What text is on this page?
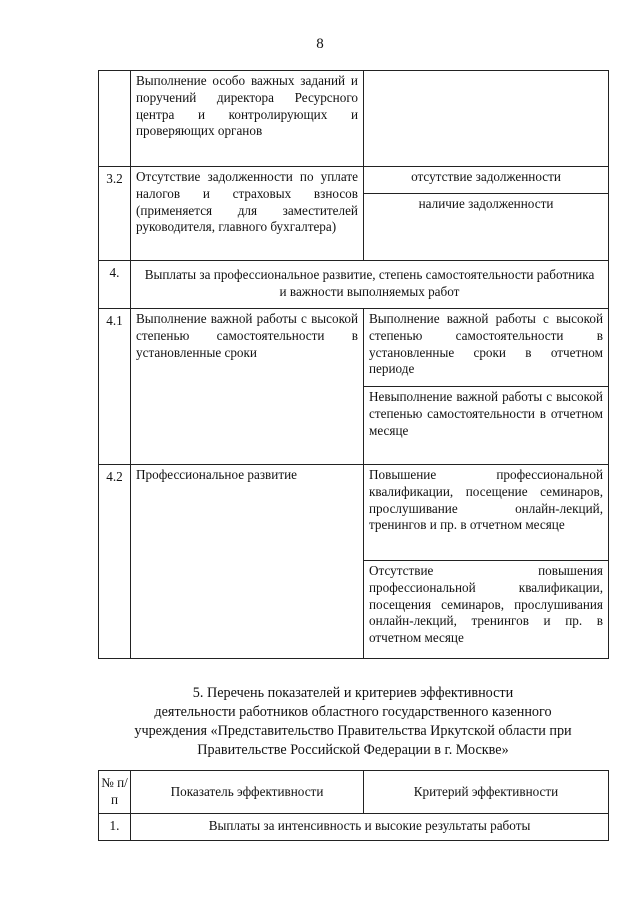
8
	Выполнение особо важных заданий и поручений директора Ресурсного центра и контролирующих и проверяющих органов	
3.2	Отсутствие задолженности по уплате налогов и страховых взносов (применяется для заместителей руководителя, главного бухгалтера)	отсутствие задолженности
		наличие задолженности
4.	Выплаты за профессиональное развитие, степень самостоятельности работника и важности выполняемых работ	
4.1	Выполнение важной работы с высокой степенью самостоятельности в установленные сроки	Выполнение важной работы с высокой степенью самостоятельности в установленные сроки в отчетном периоде
		Невыполнение важной работы с высокой степенью самостоятельности в отчетном месяце
4.2	Профессиональное развитие	Повышение профессиональной квалификации, посещение семинаров, прослушивание онлайн-лекций, тренингов и пр. в отчетном месяце
		Отсутствие повышения профессиональной квалификации, посещения семинаров, прослушивания онлайн-лекций, тренингов и пр. в отчетном месяце

5. Перечень показателей и критериев эффективности

деятельности работников областного государственного казенного

учреждения «Представительство Правительства Иркутской области при

Правительстве Российской Федерации в г. Москве»

№ п/п	Показатель эффективности	Критерий эффективности
1.	Выплаты за интенсивность и высокие результаты работы	
